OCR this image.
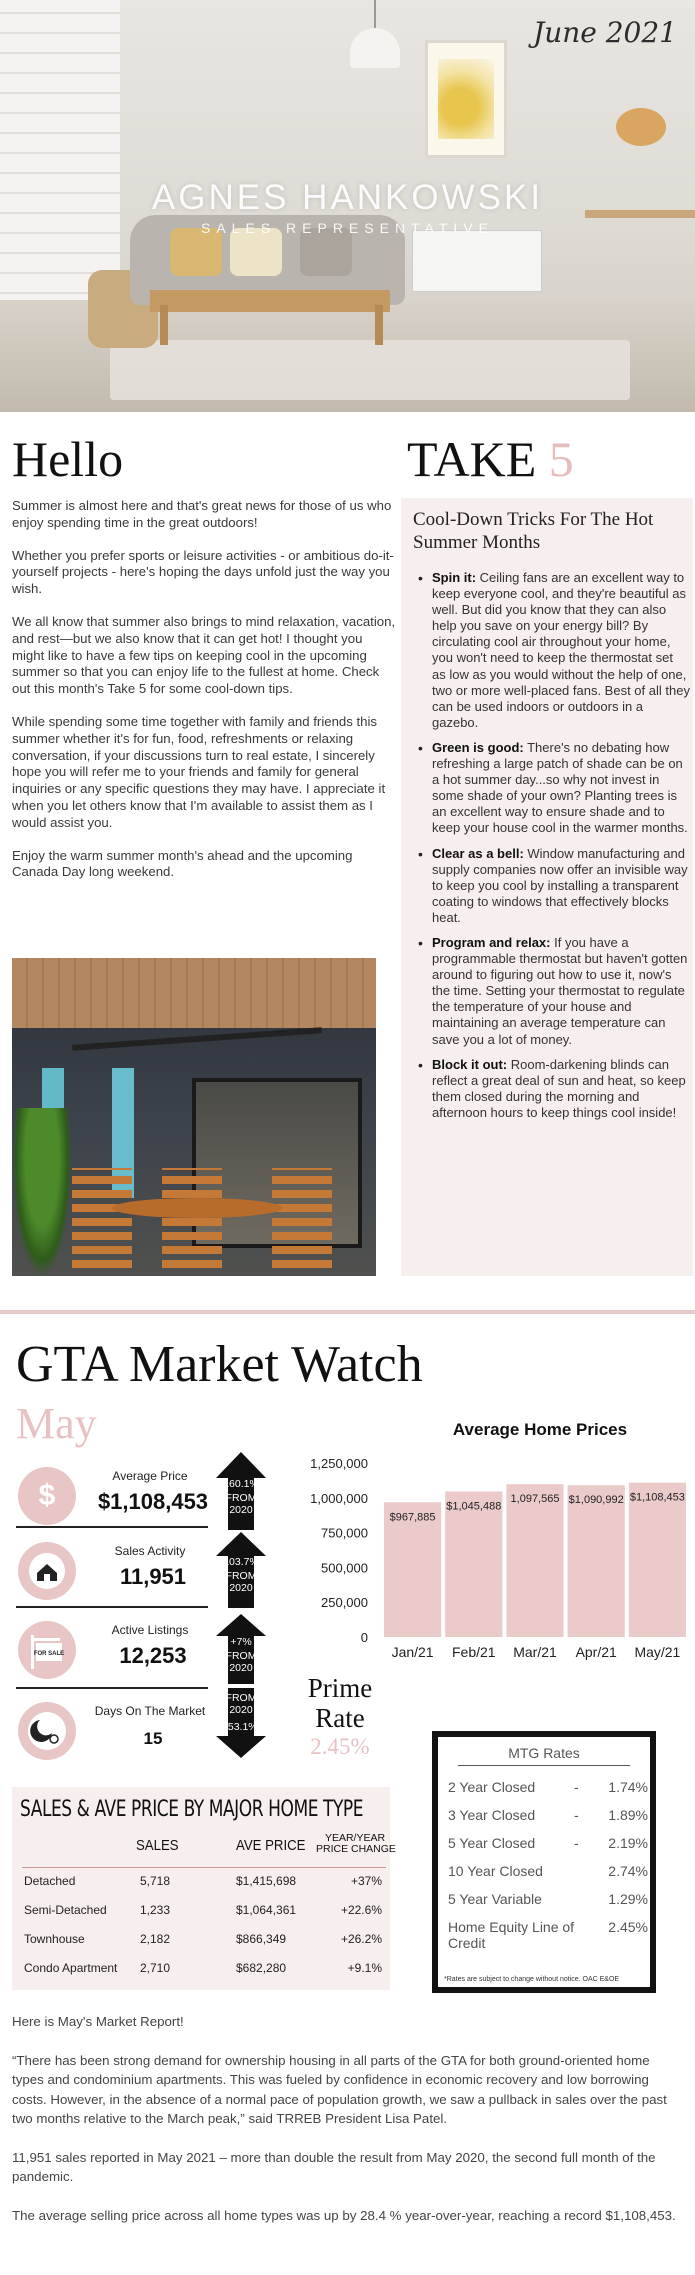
AGNES HANKOWSKI
SALES REPRESENTATIVE
June 2021
Hello

Summer is almost here and that's great news for those of us who enjoy spending time in the great outdoors!

Whether you prefer sports or leisure activities - or ambitious do-it-yourself projects - here's hoping the days unfold just the way you wish.

We all know that summer also brings to mind relaxation, vacation, and rest—but we also know that it can get hot! I thought you might like to have a few tips on keeping cool in the upcoming summer so that you can enjoy life to the fullest at home. Check out this month's Take 5 for some cool-down tips.

While spending some time together with family and friends this summer whether it's for fun, food, refreshments or relaxing conversation, if your discussions turn to real estate, I sincerely hope you will refer me to your friends and family for general inquiries or any specific questions they may have. I appreciate it when you let others know that I'm available to assist them as I would assist you.

Enjoy the warm summer month's ahead and the upcoming Canada Day long weekend.

TAKE 5
Cool-Down Tricks For The Hot Summer Months
• Spin it: Ceiling fans are an excellent way to keep everyone cool, and they're beautiful as well. But did you know that they can also help you save on your energy bill? By circulating cool air throughout your home, you won't need to keep the thermostat set as low as you would without the help of one, two or more well-placed fans. Best of all they can be used indoors or outdoors in a gazebo.
• Green is good: There's no debating how refreshing a large patch of shade can be on a hot summer day...so why not invest in some shade of your own? Planting trees is an excellent way to ensure shade and to keep your house cool in the warmer months.
• Clear as a bell: Window manufacturing and supply companies now offer an invisible way to keep you cool by installing a transparent coating to windows that effectively blocks heat.
• Program and relax: If you have a programmable thermostat but haven't gotten around to figuring out how to use it, now's the time. Setting your thermostat to regulate the temperature of your house and maintaining an average temperature can save you a lot of money.
• Block it out: Room-darkening blinds can reflect a great deal of sun and heat, so keep them closed during the morning and afternoon hours to keep things cool inside!
GTA Market Watch
May
$
Average Price
$1,108,453
Sales Activity
11,951
FOR SALE
Active Listings
12,253
Days On The Market
15
160.1%
FROM 2020
103.7%
FROM 2020
+7%
FROM 2020
FROM 2020
-53.1%
Prime Rate
2.45%
Average Home Prices
0
250,000
500,000
750,000
1,000,000
1,250,000
$967,885
Jan/21
$1,045,488
Feb/21
1,097,565
Mar/21
$1,090,992
Apr/21
$1,108,453
May/21
MTG Rates
2 Year Closed	- 1.74%
3 Year Closed	- 1.89%
5 Year Closed	- 2.19%
10 Year Closed	2.74%
5 Year Variable	1.29%
Home Equity Line of Credit
2.45%
*Rates are subject to change without notice. OAC E&OE
SALES & AVE PRICE BY MAJOR HOME TYPE
SALES	AVE PRICE	YEAR/YEAR
PRICE CHANGE
Detached	5,718	$1,415,698	+37%
Semi-Detached	1,233	$1,064,361	+22.6%
Townhouse	2,182	$866,349	+26.2%
Condo Apartment 2,710	$682,280	+9.1%

Here is May's Market Report!

“There has been strong demand for ownership housing in all parts of the GTA for both ground-oriented home types and condominium apartments. This was fueled by confidence in economic recovery and low borrowing costs. However, in the absence of a normal pace of population growth, we saw a pullback in sales over the past two months relative to the March peak,” said TRREB President Lisa Patel.

11,951 sales reported in May 2021 – more than double the result from May 2020, the second full month of the pandemic.

The average selling price across all home types was up by 28.4 % year-over-year, reaching a record $1,108,453.
